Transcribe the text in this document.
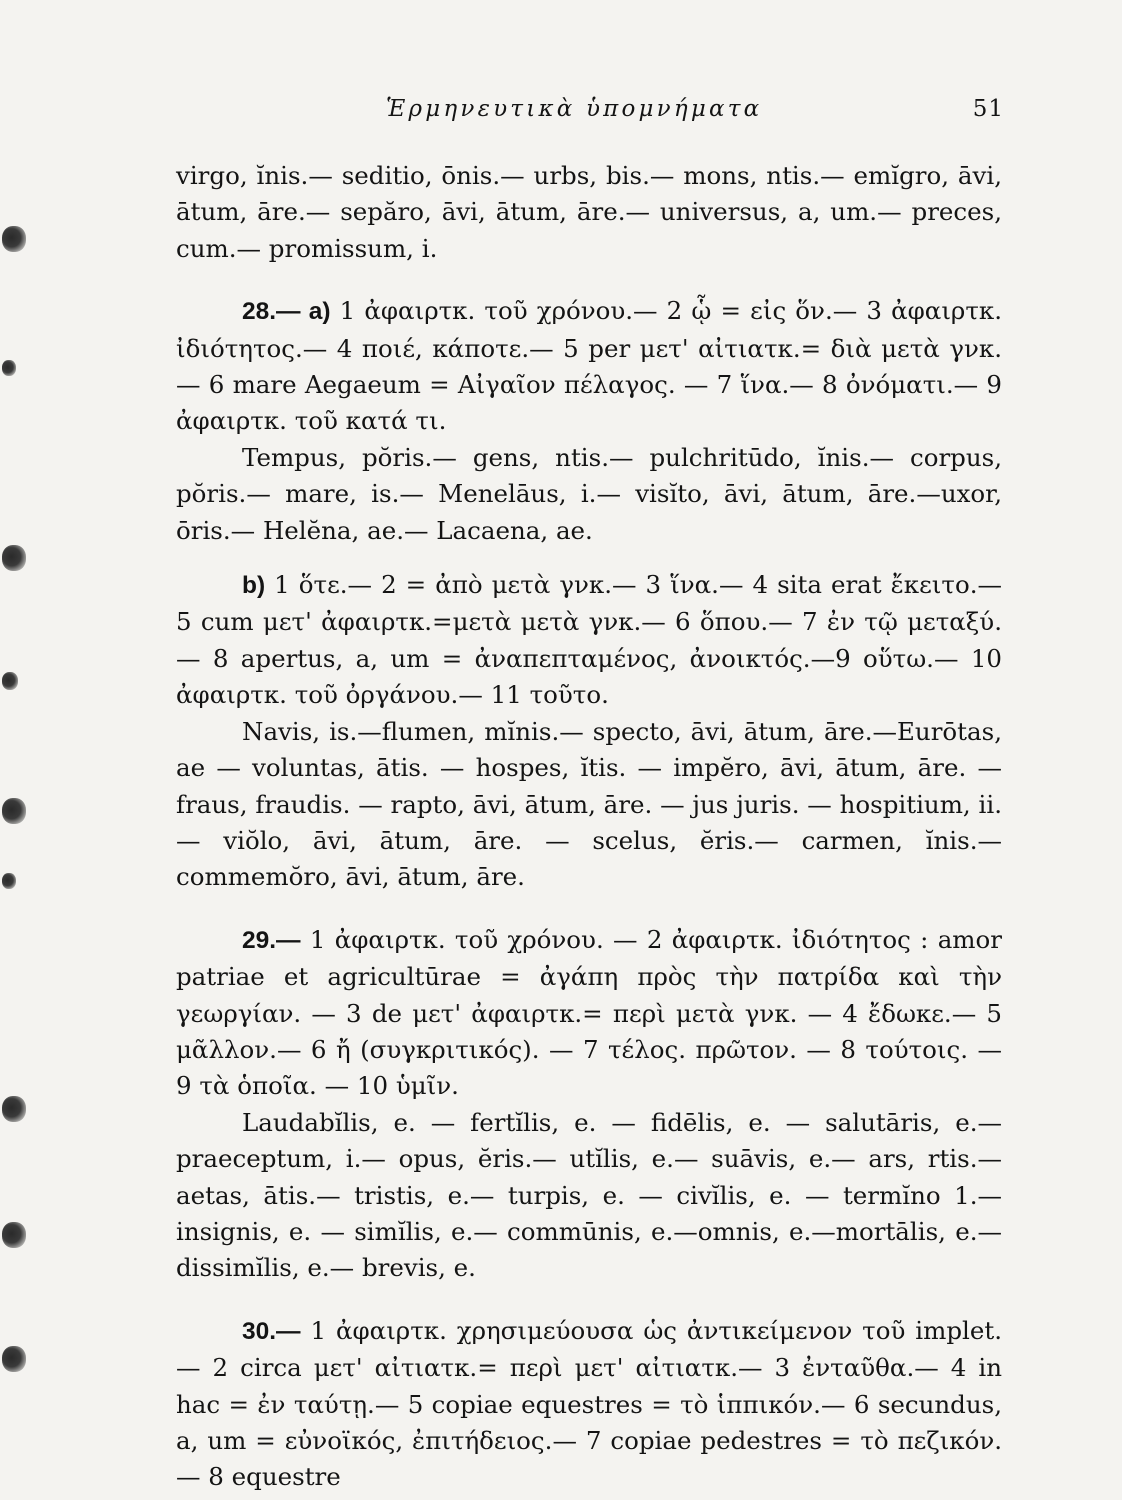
Ἑρμηνευτικὰ ὑπομνήματα	51

virgo, ĭnis.— seditio, ōnis.— urbs, bis.— mons, ntis.— emĭgro, āvi, ātum, āre.— sepăro, āvi, ātum, āre.— universus, a, um.— preces, cum.— promissum, i.

28.— a) 1 ἀφαιρτκ. τοῦ χρόνου.— 2 ᾧ = εἰς ὅν.— 3 ἀφαιρτκ. ἰδιότητος.— 4 ποιέ, κάποτε.— 5 per μετ' αἰτιατκ.= διὰ μετὰ γνκ.— 6 mare Aegaeum = Αἰγαῖον πέλαγος. — 7 ἵνα.— 8 ὀνόματι.— 9 ἀφαιρτκ. τοῦ κατά τι.

Tempus, pŏris.— gens, ntis.— pulchritūdo, ĭnis.— corpus, pŏris.— mare, is.— Menelāus, i.— visĭto, āvi, ātum, āre.—uxor, ōris.— Helĕna, ae.— Lacaena, ae.

b) 1 ὅτε.— 2 = ἀπὸ μετὰ γνκ.— 3 ἵνα.— 4 sita erat ἔκειτο.— 5 cum μετ' ἀφαιρτκ.=μετὰ μετὰ γνκ.— 6 ὅπου.— 7 ἐν τῷ μεταξύ.— 8 apertus, a, um = ἀναπεπταμένος, ἀνοικτός.—9 οὕτω.— 10 ἀφαιρτκ. τοῦ ὀργάνου.— 11 τοῦτο.

Navis, is.—flumen, mĭnis.— specto, āvi, ātum, āre.—Eurōtas, ae — voluntas, ātis. — hospes, ĭtis. — impĕro, āvi, ātum, āre. — fraus, fraudis. — rapto, āvi, ātum, āre. — jus juris. — hospitium, ii.— viŏlo, āvi, ātum, āre. — scelus, ĕris.— carmen, ĭnis.— commemŏro, āvi, ātum, āre.

29.— 1 ἀφαιρτκ. τοῦ χρόνου. — 2 ἀφαιρτκ. ἰδιότητος : amor patriae et agricultūrae = ἀγάπη πρὸς τὴν πατρίδα καὶ τὴν γεωργίαν. — 3 de μετ' ἀφαιρτκ.= περὶ μετὰ γνκ. — 4 ἔδωκε.— 5 μᾶλλον.— 6 ἤ (συγκριτικός). — 7 τέλος. πρῶτον. — 8 τούτοις. — 9 τὰ ὁποῖα. — 10 ὑμῖν.

Laudabĭlis, e. — fertĭlis, e. — fidēlis, e. — salutāris, e.— praeceptum, i.— opus, ĕris.— utĭlis, e.— suāvis, e.— ars, rtis.— aetas, ātis.— tristis, e.— turpis, e. — civĭlis, e. — termĭno 1.— insignis, e. — simĭlis, e.— commūnis, e.—omnis, e.—mortālis, e.— dissimĭlis, e.— brevis, e.

30.— 1 ἀφαιρτκ. χρησιμεύουσα ὡς ἀντικείμενον τοῦ implet. — 2 circa μετ' αἰτιατκ.= περὶ μετ' αἰτιατκ.— 3 ἐνταῦθα.— 4 in hac = ἐν ταύτῃ.— 5 copiae equestres = τὸ ἱππικόν.— 6 secundus, a, um = εὐνοϊκός, ἐπιτήδειος.— 7 copiae pedestres = τὸ πεζικόν.— 8 equestre
